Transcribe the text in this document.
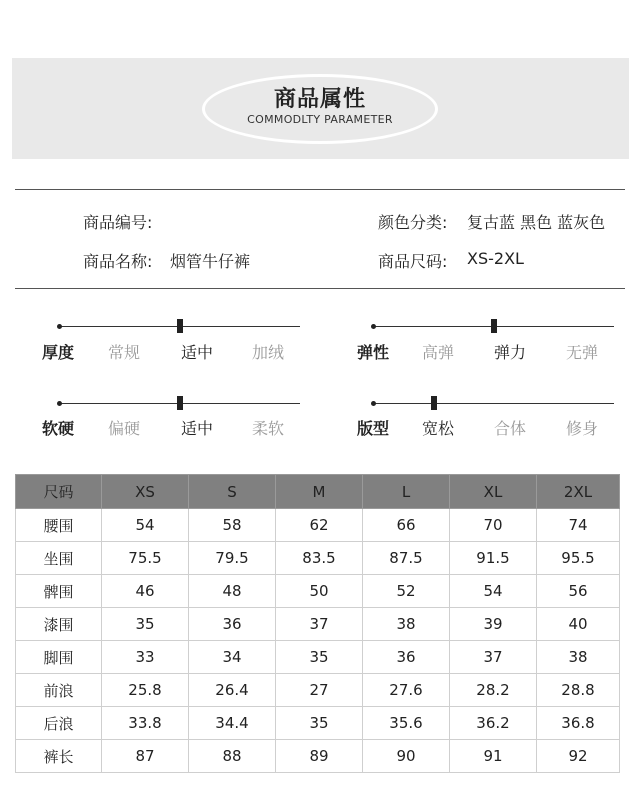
商品属性
COMMODLTY PARAMETER
商品编号:	颜色分类: 复古蓝 黑色 蓝灰色
商品名称: 烟管牛仔裤	商品尺码: XS-2XL
厚度 常规	适中 加绒	弹性 高弹 弹力 无弹
软硬 偏硬	适中 柔软	版型 宽松 合体 修身
尺码	XS	S	M	L	XL	2XL
腰围	54	58	62	66	70	74
坐围	75.5	79.5	83.5	87.5	91.5	95.5
髀围	46	48	50	52	54	56
漆围	35	36	37	38	39	40
脚围	33	34	35	36	37	38
前浪	25.8	26.4	27	27.6	28.2	28.8
后浪	33.8	34.4	35	35.6	36.2	36.8
裤长	87	88	89	90	91	92
